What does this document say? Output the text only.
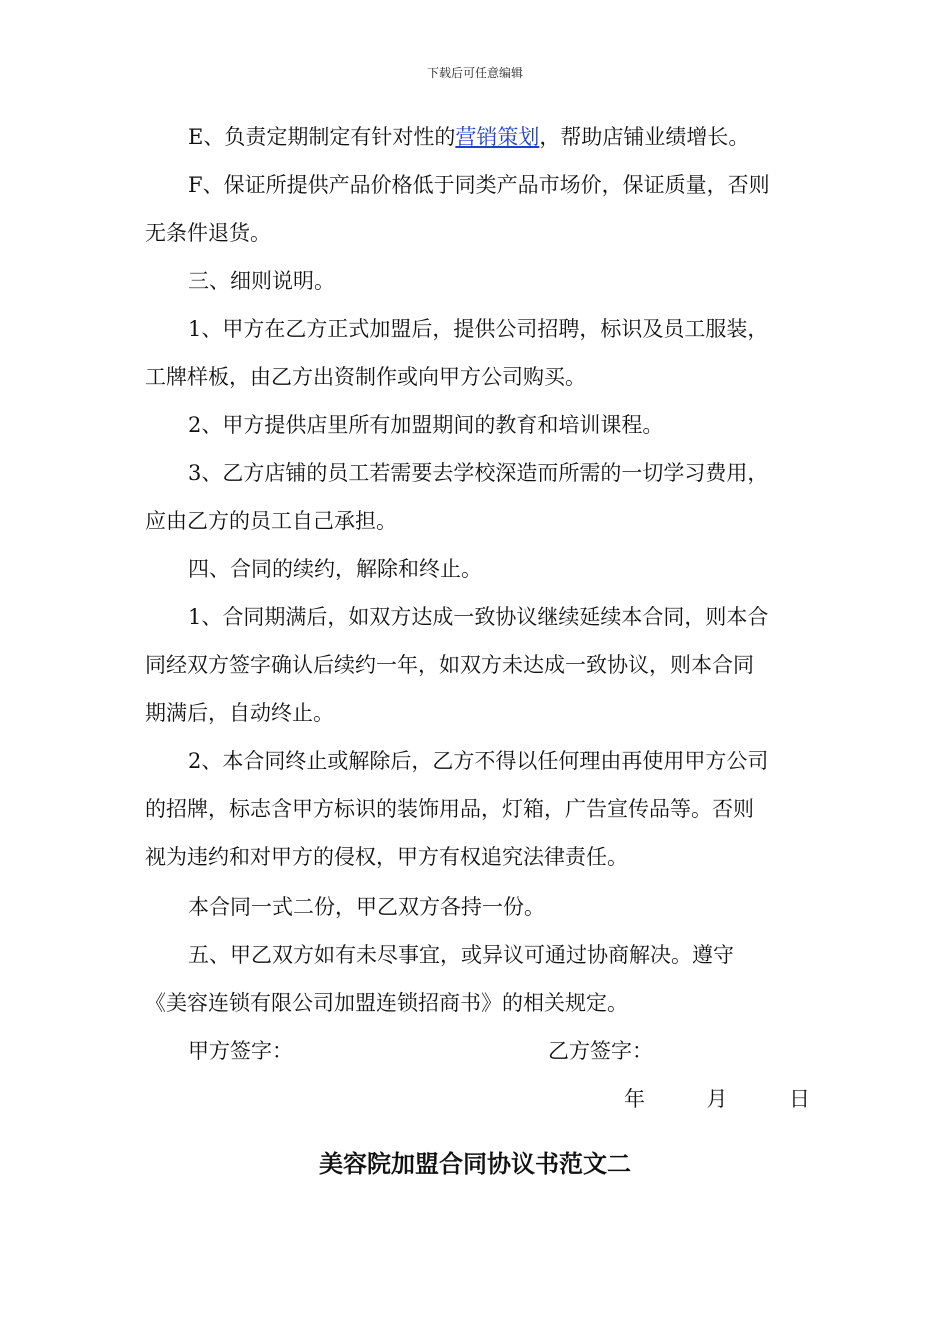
下载后可任意编辑
E、负责定期制定有针对性的营销策划，帮助店铺业绩增长。
F、保证所提供产品价格低于同类产品市场价，保证质量，否则
无条件退货。
三、细则说明。
1、甲方在乙方正式加盟后，提供公司招聘，标识及员工服装，
工牌样板，由乙方出资制作或向甲方公司购买。
2、甲方提供店里所有加盟期间的教育和培训课程。
3、乙方店铺的员工若需要去学校深造而所需的一切学习费用，
应由乙方的员工自己承担。
四、合同的续约，解除和终止。
1、合同期满后，如双方达成一致协议继续延续本合同，则本合
同经双方签字确认后续约一年，如双方未达成一致协议，则本合同
期满后，自动终止。
2、本合同终止或解除后，乙方不得以任何理由再使用甲方公司
的招牌，标志含甲方标识的装饰用品，灯箱，广告宣传品等。否则
视为违约和对甲方的侵权，甲方有权追究法律责任。
本合同一式二份，甲乙双方各持一份。
五、甲乙双方如有未尽事宜，或异议可通过协商解决。遵守
《美容连锁有限公司加盟连锁招商书》的相关规定。
甲方签字：	乙方签字：
年	月	日
美容院加盟合同协议书范文二
